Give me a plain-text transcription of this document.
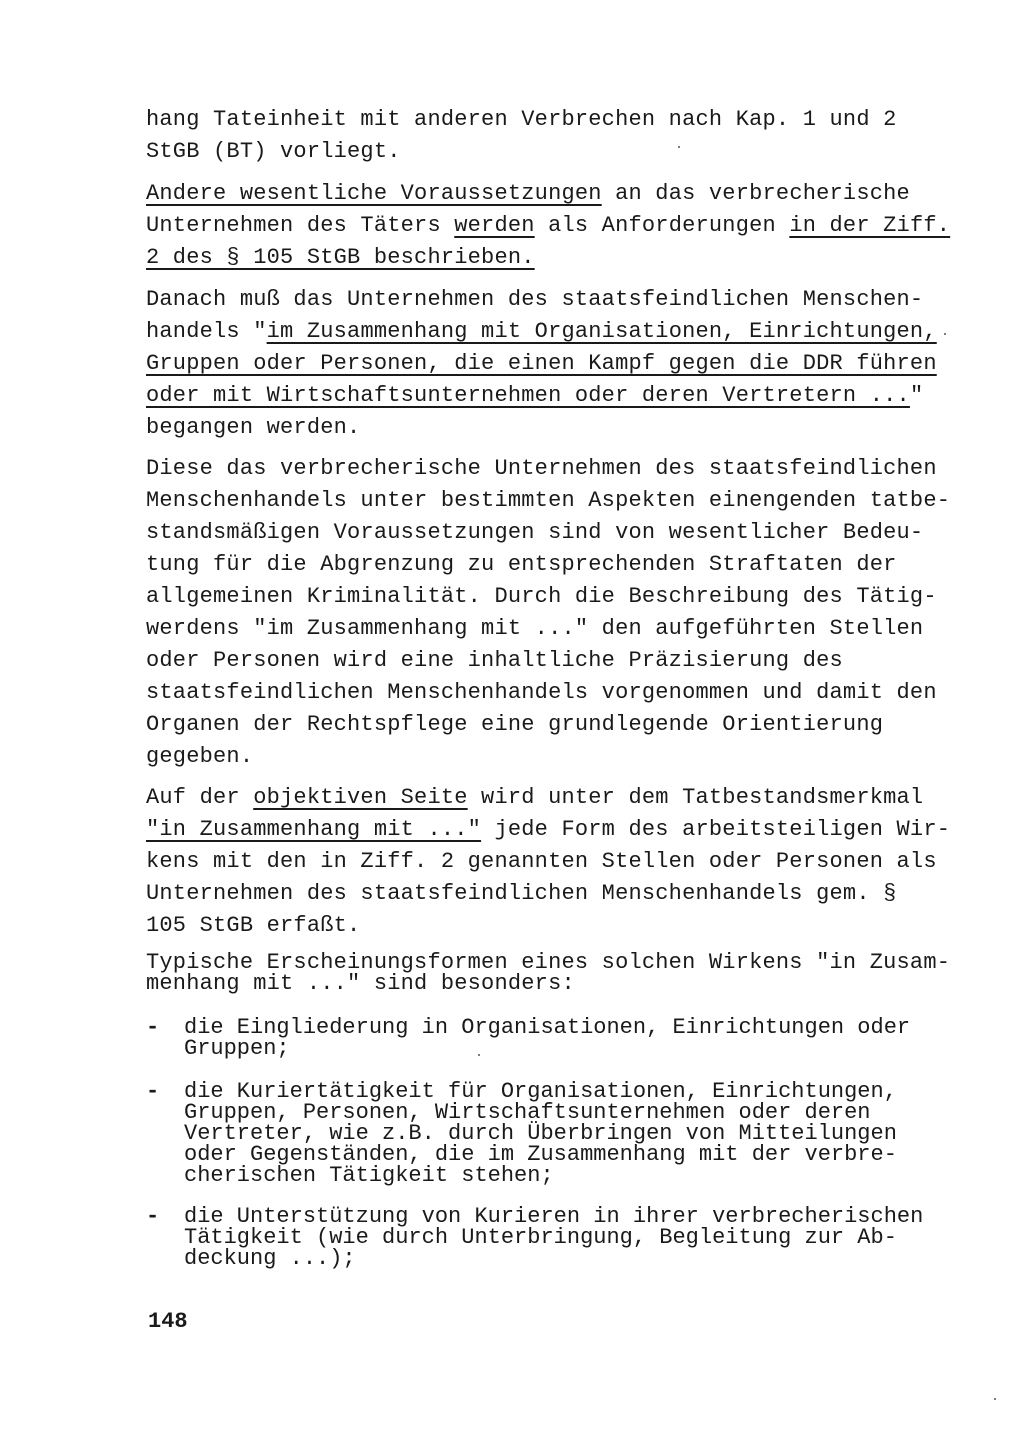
hang Tateinheit mit anderen Verbrechen nach Kap. 1 und 2
StGB (BT) vorliegt.
Andere wesentliche Voraussetzungen an das verbrecherische
Unternehmen des Täters werden als Anforderungen in der Ziff.
2 des § 105 StGB beschrieben.
Danach muß das Unternehmen des staatsfeindlichen Menschen-
handels "im Zusammenhang mit Organisationen, Einrichtungen,
Gruppen oder Personen, die einen Kampf gegen die DDR führen
oder mit Wirtschaftsunternehmen oder deren Vertretern ..."
begangen werden.
Diese das verbrecherische Unternehmen des staatsfeindlichen
Menschenhandels unter bestimmten Aspekten einengenden tatbe-
standsmäßigen Voraussetzungen sind von wesentlicher Bedeu-
tung für die Abgrenzung zu entsprechenden Straftaten der
allgemeinen Kriminalität. Durch die Beschreibung des Tätig-
werdens "im Zusammenhang mit ..." den aufgeführten Stellen
oder Personen wird eine inhaltliche Präzisierung des
staatsfeindlichen Menschenhandels vorgenommen und damit den
Organen der Rechtspflege eine grundlegende Orientierung
gegeben.
Auf der objektiven Seite wird unter dem Tatbestandsmerkmal
"in Zusammenhang mit ..." jede Form des arbeitsteiligen Wir-
kens mit den in Ziff. 2 genannten Stellen oder Personen als
Unternehmen des staatsfeindlichen Menschenhandels gem. §
105 StGB erfaßt.
Typische Erscheinungsformen eines solchen Wirkens "in Zusam-
menhang mit ..." sind besonders:
- die Eingliederung in Organisationen, Einrichtungen oder
Gruppen;
- die Kuriertätigkeit für Organisationen, Einrichtungen,
Gruppen, Personen, Wirtschaftsunternehmen oder deren
Vertreter, wie z.B. durch Überbringen von Mitteilungen
oder Gegenständen, die im Zusammenhang mit der verbre-
cherischen Tätigkeit stehen;
- die Unterstützung von Kurieren in ihrer verbrecherischen
Tätigkeit (wie durch Unterbringung, Begleitung zur Ab-
deckung ...);
148
